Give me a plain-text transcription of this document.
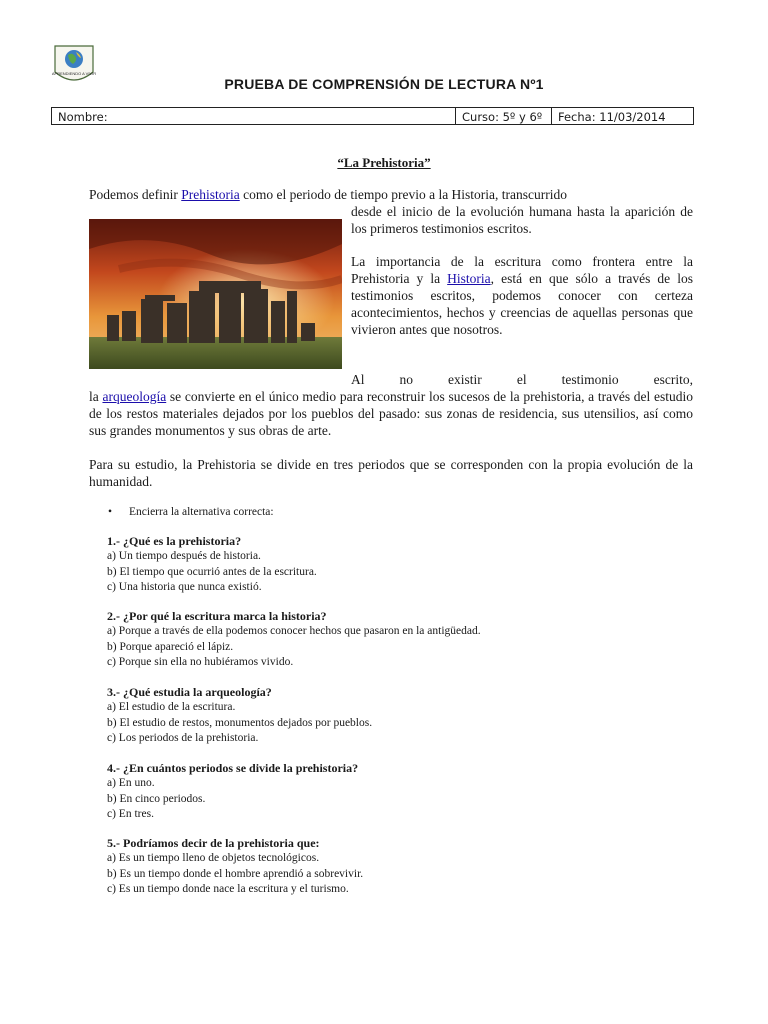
APRENDIENDO A VIVIR
PRUEBA DE COMPRENSIÓN DE LECTURA Nº1
Nombre:	Curso: 5º y 6º	Fecha: 11/03/2014
“La Prehistoria”
Podemos definir Prehistoria como el periodo de tiempo previo a la Historia, transcurrido
desde el inicio de la evolución humana hasta la aparición de los primeros testimonios escritos.
La importancia de la escritura como frontera entre la Prehistoria y la Historia, está en que sólo a través de los testimonios escritos, podemos conocer con certeza acontecimientos, hechos y creencias de aquellas personas que vivieron antes que nosotros.
Al no existir el testimonio escrito,
la arqueología se convierte en el único medio para reconstruir los sucesos de la prehistoria, a través del estudio de los restos materiales dejados por los pueblos del pasado: sus zonas de residencia, sus utensilios, así como sus grandes monumentos y sus obras de arte.
Para su estudio, la Prehistoria se divide en tres periodos que se corresponden con la propia evolución de la humanidad.
• Encierra la alternativa correcta:
1.- ¿Qué es la prehistoria?
a) Un tiempo después de historia.
b) El tiempo que ocurrió antes de la escritura.
c) Una historia que nunca existió.
2.- ¿Por qué la escritura marca la historia?
a) Porque a través de ella podemos conocer hechos que pasaron en la antigüedad.
b) Porque apareció el lápiz.
c) Porque sin ella no hubiéramos vivido.
3.- ¿Qué estudia la arqueología?
a) El estudio de la escritura.
b) El estudio de restos, monumentos dejados por pueblos.
c) Los periodos de la prehistoria.
4.- ¿En cuántos periodos se divide la prehistoria?
a) En uno.
b) En cinco periodos.
c) En tres.
5.- Podríamos decir de la prehistoria que:
a) Es un tiempo lleno de objetos tecnológicos.
b) Es un tiempo donde el hombre aprendió a sobrevivir.
c) Es un tiempo donde nace la escritura y el turismo.
